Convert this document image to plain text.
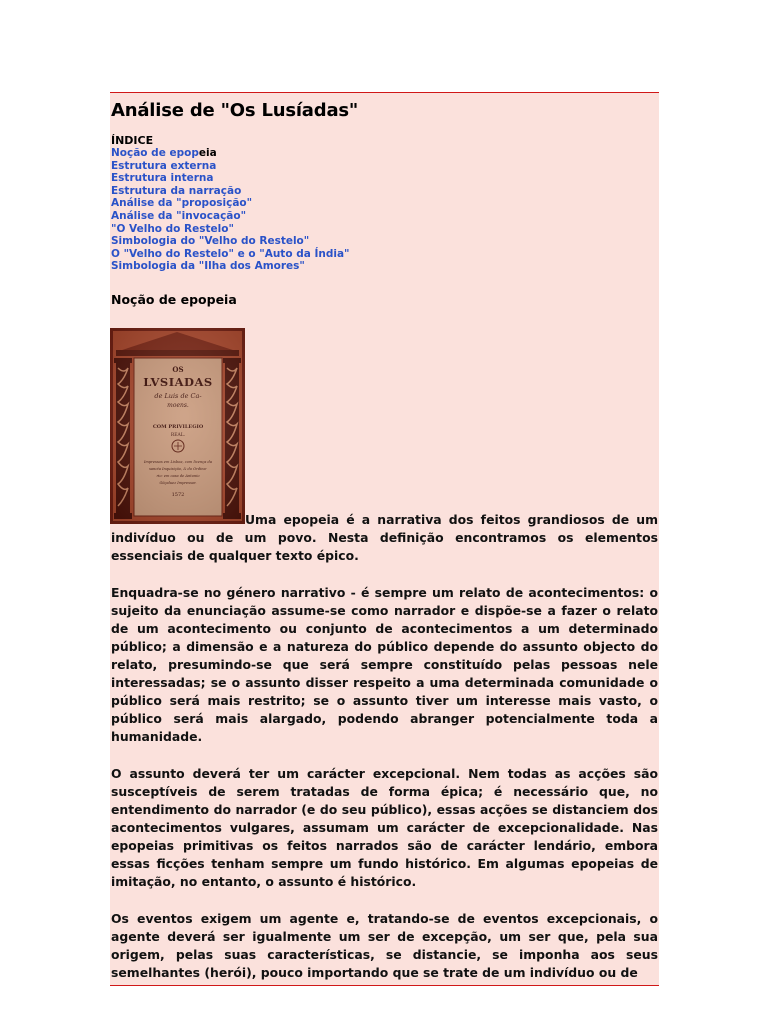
Análise de "Os Lusíadas"
ÍNDICE
Noção de epopeia
Estrutura externa
Estrutura interna
Estrutura da narração
Análise da "proposição"
Análise da "invocação"
"O Velho do Restelo"
Simbologia do "Velho do Restelo"
O "Velho do Restelo" e o "Auto da Índia"
Simbologia da "Ilha dos Amores"
Noção de epopeia
OS
LVSIADAS
de Luis de Ca-
moens.
COM PRIVILEGIO
REAL.
Impressos em Lisboa, com licença da
sancta Inquisição, & do Ordina-
rio: em casa de Antonio
Gõçaluez Impressor.
1572

Uma epopeia é a narrativa dos feitos grandiosos de um indivíduo ou de um povo. Nesta definição encontramos os elementos essenciais de qualquer texto épico.

Enquadra-se no género narrativo - é sempre um relato de acontecimentos: o sujeito da enunciação assume-se como narrador e dispõe-se a fazer o relato de um acontecimento ou conjunto de acontecimentos a um determinado público; a dimensão e a natureza do público depende do assunto objecto do relato, presumindo-se que será sempre constituído pelas pessoas nele interessadas; se o assunto disser respeito a uma determinada comunidade o público será mais restrito; se o assunto tiver um interesse mais vasto, o público será mais alargado, podendo abranger potencialmente toda a humanidade.

O assunto deverá ter um carácter excepcional. Nem todas as acções são susceptíveis de serem tratadas de forma épica; é necessário que, no entendimento do narrador (e do seu público), essas acções se distanciem dos acontecimentos vulgares, assumam um carácter de excepcionalidade. Nas epopeias primitivas os feitos narrados são de carácter lendário, embora essas ficções tenham sempre um fundo histórico. Em algumas epopeias de imitação, no entanto, o assunto é histórico.

Os eventos exigem um agente e, tratando-se de eventos excepcionais, o agente deverá ser igualmente um ser de excepção, um ser que, pela sua origem, pelas suas características, se distancie, se imponha aos seus semelhantes (herói), pouco importando que se trate de um indivíduo ou de
